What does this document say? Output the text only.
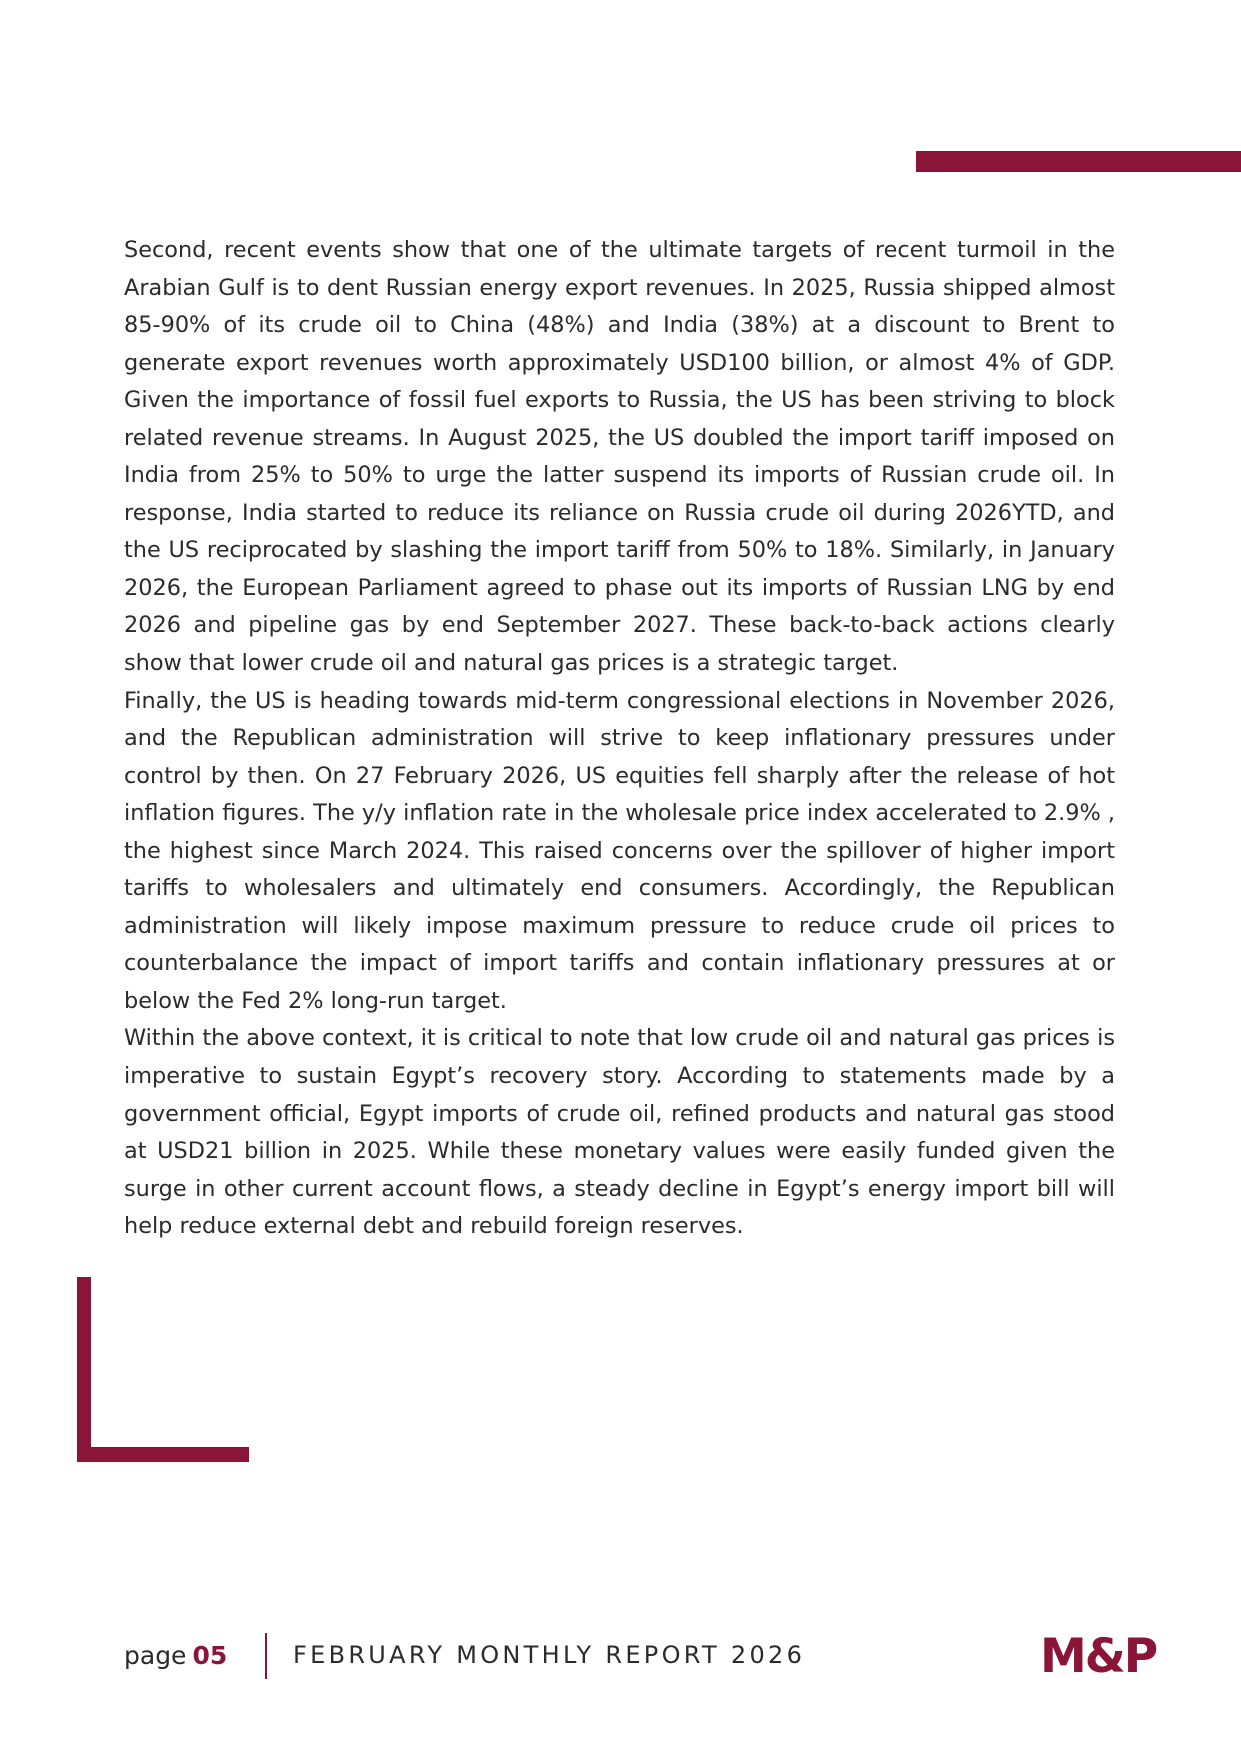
Second, recent events show that one of the ultimate targets of recent turmoil in the Arabian Gulf is to dent Russian energy export revenues. In 2025, Russia shipped almost 85-90% of its crude oil to China (48%) and India (38%) at a discount to Brent to generate export revenues worth approximately USD100 billion, or almost 4% of GDP. Given the importance of fossil fuel exports to Russia, the US has been striving to block related revenue streams. In August 2025, the US doubled the import tariff imposed on India from 25% to 50% to urge the latter suspend its imports of Russian crude oil. In response, India started to reduce its reliance on Russia crude oil during 2026YTD, and the US reciprocated by slashing the import tariff from 50% to 18%. Similarly, in January 2026, the European Parliament agreed to phase out its imports of Russian LNG by end 2026 and pipeline gas by end September 2027. These back-to-back actions clearly show that lower crude oil and natural gas prices is a strategic target.

Finally, the US is heading towards mid-term congressional elections in November 2026, and the Republican administration will strive to keep inflationary pressures under control by then. On 27 February 2026, US equities fell sharply after the release of hot inflation figures. The y/y inflation rate in the wholesale price index accelerated to 2.9% , the highest since March 2024. This raised concerns over the spillover of higher import tariffs to wholesalers and ultimately end consumers. Accordingly, the Republican administration will likely impose maximum pressure to reduce crude oil prices to counterbalance the impact of import tariffs and contain inflationary pressures at or below the Fed 2% long-run target.

Within the above context, it is critical to note that low crude oil and natural gas prices is imperative to sustain Egypt’s recovery story. According to statements made by a government official, Egypt imports of crude oil, refined products and natural gas stood at USD21 billion in 2025. While these monetary values were easily funded given the surge in other current account flows, a steady decline in Egypt’s energy import bill will help reduce external debt and rebuild foreign reserves.

page 05	FEBRUARY MONTHLY REPORT 2026	M&P
